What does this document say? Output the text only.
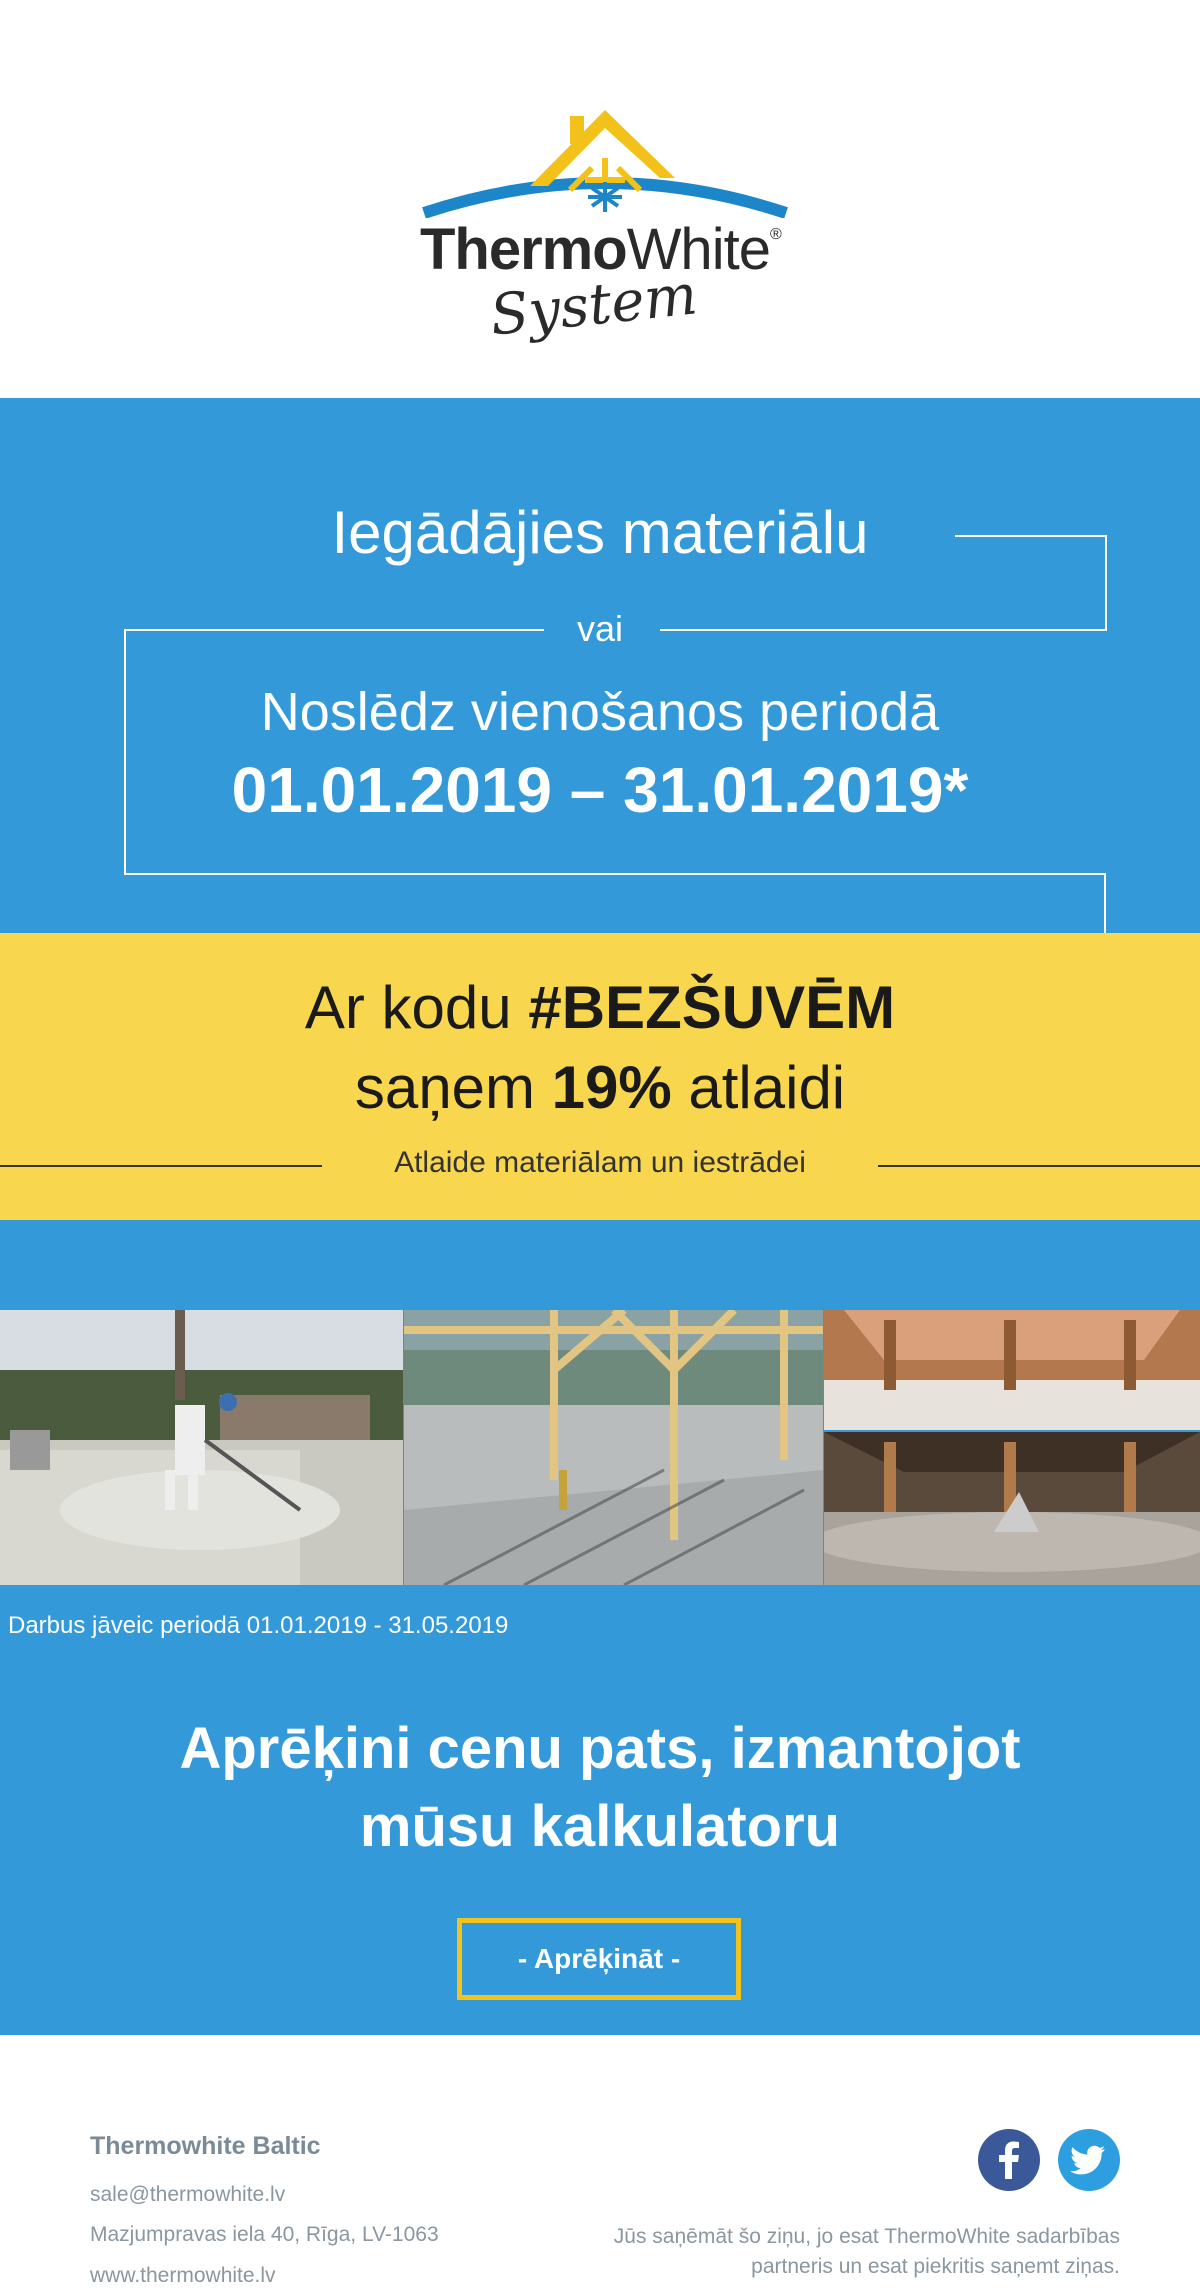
ThermoWhite®
System
Iegādājies materiālu
vai
Noslēdz vienošanos periodā
01.01.2019 – 31.01.2019*
Ar kodu #BEZŠUVĒM
saņem 19% atlaidi
Atlaide materiālam un iestrādei
Darbus jāveic periodā 01.01.2019 - 31.05.2019
Aprēķini cenu pats, izmantojot
mūsu kalkulatoru
- Aprēķināt -
Thermowhite Baltic
sale@thermowhite.lv
Mazjumpravas iela 40, Rīga, LV-1063
www.thermowhite.lv
Jūs saņēmāt šo ziņu, jo esat ThermoWhite sadarbības
partneris un esat piekritis saņemt ziņas.
